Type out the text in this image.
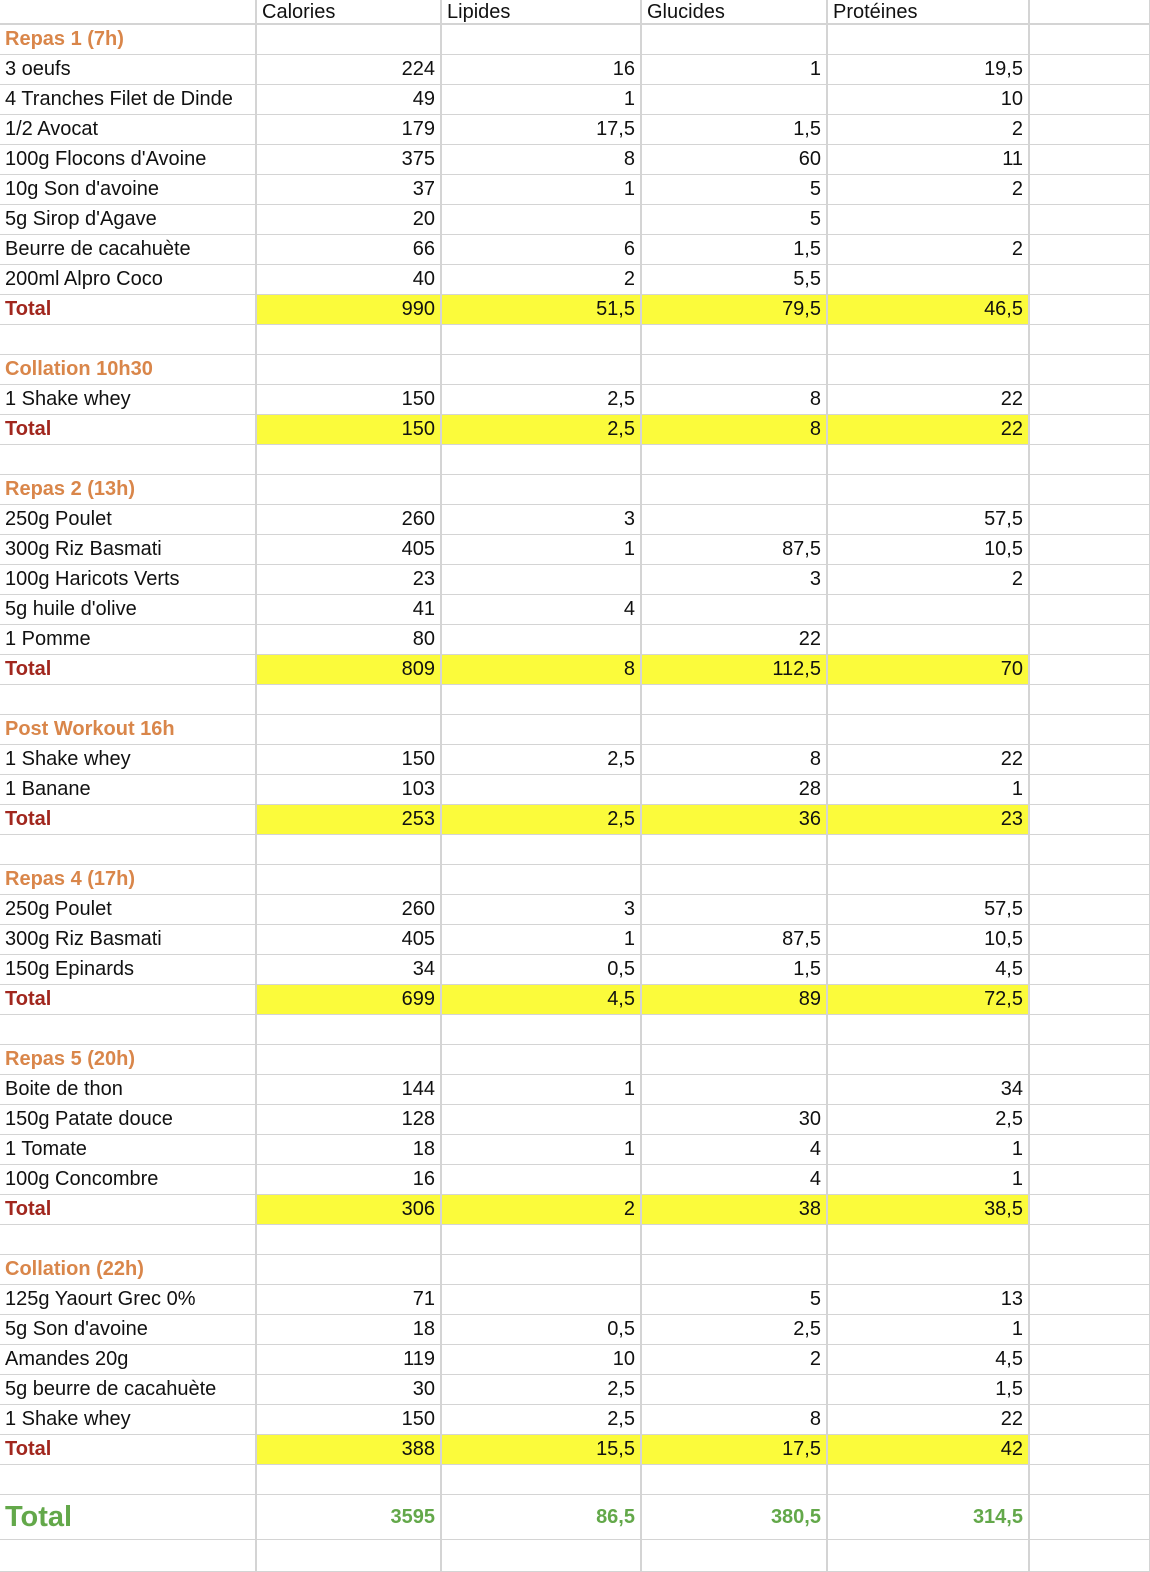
	Calories	Lipides	Glucides	Protéines	
Repas 1 (7h)					
3 oeufs	224	16	1	19,5	
4 Tranches Filet de Dinde	49	1		10	
1/2 Avocat	179	17,5	1,5	2	
100g Flocons d'Avoine	375	8	60	11	
10g Son d'avoine	37	1	5	2	
5g Sirop d'Agave	20		5		
Beurre de cacahuète	66	6	1,5	2	
200ml Alpro Coco	40	2	5,5		
Total	990	51,5	79,5	46,5	

Collation 10h30					
1 Shake whey	150	2,5	8	22	
Total	150	2,5	8	22	

Repas 2 (13h)					
250g Poulet	260	3		57,5	
300g Riz Basmati	405	1	87,5	10,5	
100g Haricots Verts	23		3	2	
5g huile d'olive	41	4			
1 Pomme	80		22		
Total	809	8	112,5	70	

Post Workout 16h					
1 Shake whey	150	2,5	8	22	
1 Banane	103		28	1	
Total	253	2,5	36	23	

Repas 4 (17h)					
250g Poulet	260	3		57,5	
300g Riz Basmati	405	1	87,5	10,5	
150g Epinards	34	0,5	1,5	4,5	
Total	699	4,5	89	72,5	

Repas 5 (20h)					
Boite de thon	144	1		34	
150g Patate douce	128		30	2,5	
1 Tomate	18	1	4	1	
100g Concombre	16		4	1	
Total	306	2	38	38,5	

Collation (22h)					
125g Yaourt Grec 0%	71		5	13	
5g Son d'avoine	18	0,5	2,5	1	
Amandes 20g	119	10	2	4,5	
5g beurre de cacahuète	30	2,5		1,5	
1 Shake whey	150	2,5	8	22	
Total	388	15,5	17,5	42	

Total	3595	86,5	380,5	314,5	
